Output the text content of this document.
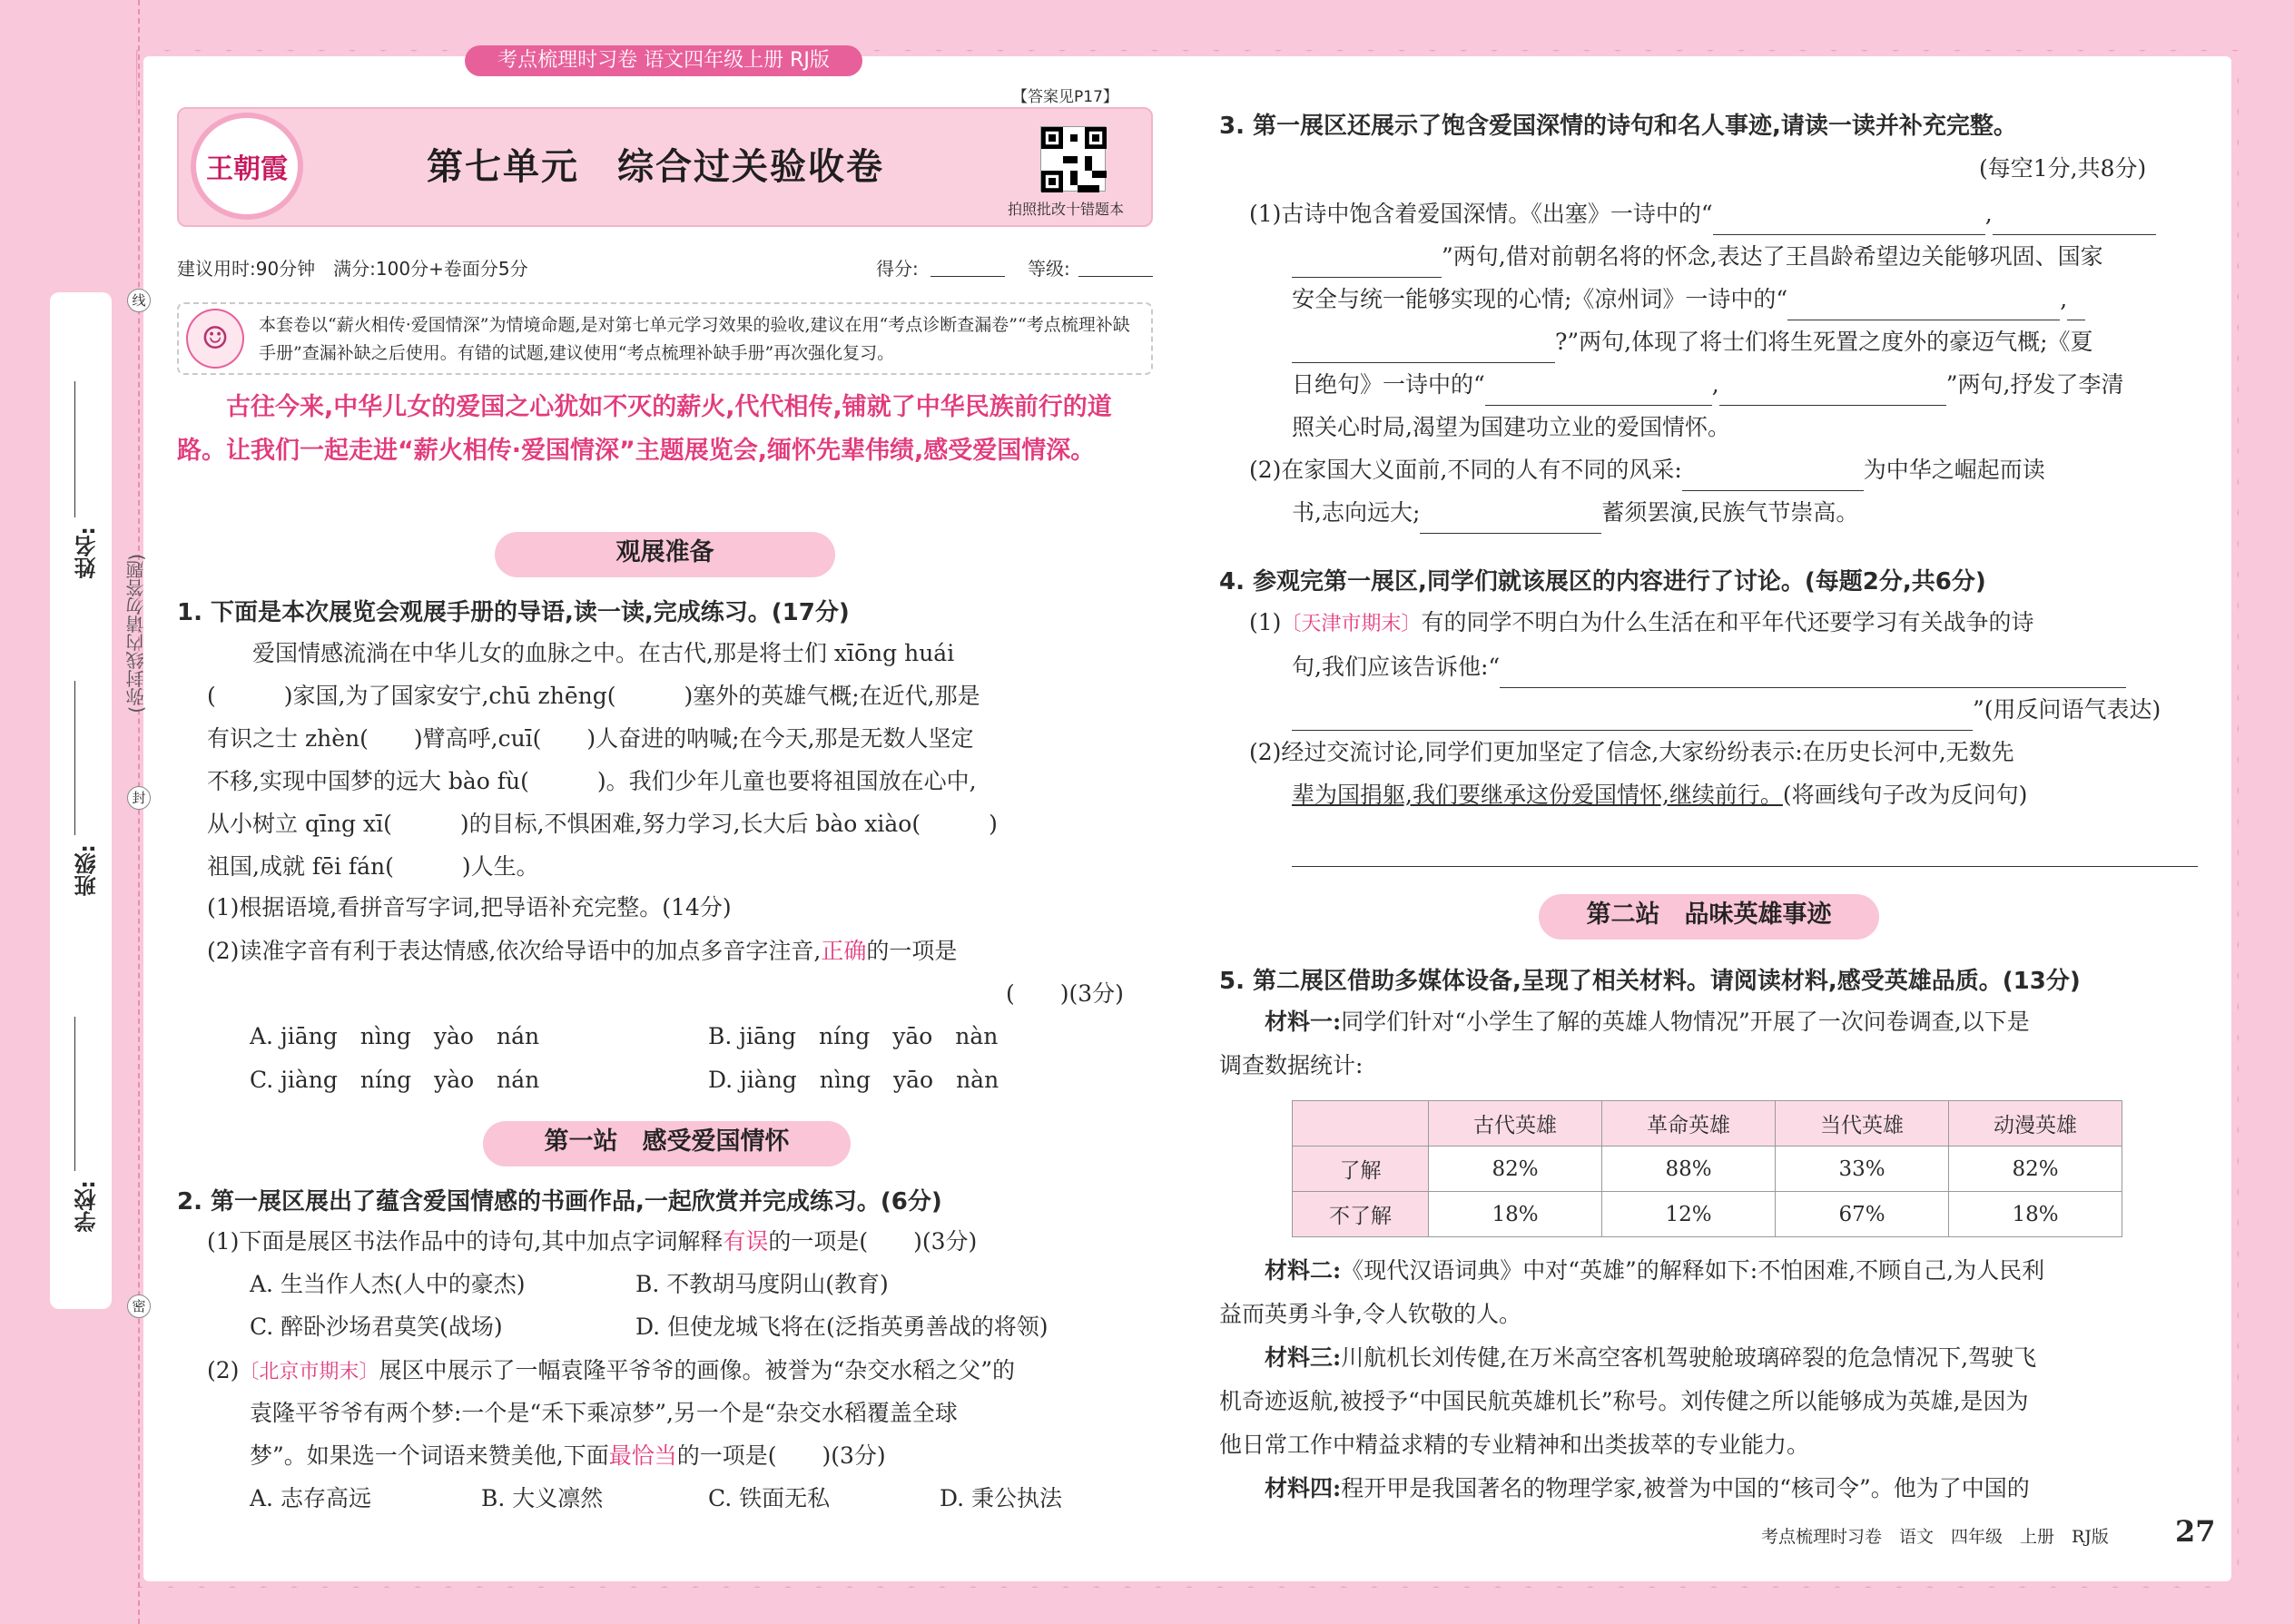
姓名:
班级:
学校:
(弥封线内请勿答题)
线
封
密
考点梳理时习卷 语文四年级上册 RJ版
【答案见P17】
王朝霞	第七单元　综合过关验收卷
拍照批改十错题本
建议用时:90分钟　满分:100分+卷面分5分	得分:	等级:
☺	本套卷以“薪火相传·爱国情深”为情境命题,是对第七单元学习效果的验收,建议在用“考点诊断查漏卷”“考点梳理补缺手册”查漏补缺之后使用。有错的试题,建议使用“考点梳理补缺手册”再次强化复习。
古往今来,中华儿女的爱国之心犹如不灭的薪火,代代相传,铺就了中华民族前行的道路。让我们一起走进“薪火相传·爱国情深”主题展览会,缅怀先辈伟绩,感受爱国情深。
观展准备
1. 下面是本次展览会观展手册的导语,读一读,完成练习。(17分)
爱国情感流淌在中华儿女的血脉之中。在古代,那是将士们 xīōng huái
(　　　)家国,为了国家安宁,chū zhēng(　　　)塞外的英雄气概;在近代,那是
有识之士 zhèn(　　)臂高呼,cuī(　　)人奋进的呐喊;在今天,那是无数人坚定
不移,实现中国梦的远大 bào fù(　　　)。我们少年儿童也要将祖国放在心中,
从小树立 qīng xī(　　　)的目标,不惧困难,努力学习,长大后 bào xiào(　　　)
祖国,成就 fēi fán(　　　)人生。
(1)根据语境,看拼音写字词,把导语补充完整。(14分)
(2)读准字音有利于表达情感,依次给导语中的加点多音字注音,正确的一项是
(　　)(3分)
A. jiāng　nìng　yào　nán	B. jiāng　níng　yāo　nàn
C. jiàng　níng　yào　nán	D. jiàng　nìng　yāo　nàn
第一站　感受爱国情怀
2. 第一展区展出了蕴含爱国情感的书画作品,一起欣赏并完成练习。(6分)
(1)下面是展区书法作品中的诗句,其中加点字词解释有误的一项是(　　)(3分)
A. 生当作人杰(人中的豪杰)	B. 不教胡马度阴山(教育)
C. 醉卧沙场君莫笑(战场)	D. 但使龙城飞将在(泛指英勇善战的将领)
(2)〔北京市期末〕展区中展示了一幅袁隆平爷爷的画像。被誉为“杂交水稻之父”的
袁隆平爷爷有两个梦:一个是“禾下乘凉梦”,另一个是“杂交水稻覆盖全球
梦”。如果选一个词语来赞美他,下面最恰当的一项是(　　)(3分)
A. 志存高远	B. 大义凛然	C. 铁面无私	D. 秉公执法
3. 第一展区还展示了饱含爱国深情的诗句和名人事迹,请读一读并补充完整。
(每空1分,共8分)
(1)古诗中饱含着爱国深情。《出塞》一诗中的“	,
”两句,借对前朝名将的怀念,表达了王昌龄希望边关能够巩固、国家
安全与统一能够实现的心情;《凉州词》一诗中的“	,
?”两句,体现了将士们将生死置之度外的豪迈气概;《夏
日绝句》一诗中的“	,	”两句,抒发了李清
照关心时局,渴望为国建功立业的爱国情怀。
(2)在家国大义面前,不同的人有不同的风采:	为中华之崛起而读
书,志向远大;	蓄须罢演,民族气节崇高。
4. 参观完第一展区,同学们就该展区的内容进行了讨论。(每题2分,共6分)
(1)〔天津市期末〕有的同学不明白为什么生活在和平年代还要学习有关战争的诗
句,我们应该告诉他:“
”(用反问语气表达)
(2)经过交流讨论,同学们更加坚定了信念,大家纷纷表示:在历史长河中,无数先
辈为国捐躯,我们要继承这份爱国情怀,继续前行。(将画线句子改为反问句)
第二站　品味英雄事迹
5. 第二展区借助多媒体设备,呈现了相关材料。请阅读材料,感受英雄品质。(13分)
材料一:同学们针对“小学生了解的英雄人物情况”开展了一次问卷调查,以下是
调查数据统计:
	古代英雄	革命英雄	当代英雄	动漫英雄
了解	82%	88%	33%	82%
不了解	18%	12%	67%	18%
材料二:《现代汉语词典》中对“英雄”的解释如下:不怕困难,不顾自己,为人民利
益而英勇斗争,令人钦敬的人。
材料三:川航机长刘传健,在万米高空客机驾驶舱玻璃碎裂的危急情况下,驾驶飞
机奇迹返航,被授予“中国民航英雄机长”称号。刘传健之所以能够成为英雄,是因为
他日常工作中精益求精的专业精神和出类拔萃的专业能力。
材料四:程开甲是我国著名的物理学家,被誉为中国的“核司令”。他为了中国的
考点梳理时习卷　语文　四年级　上册　RJ版 27
